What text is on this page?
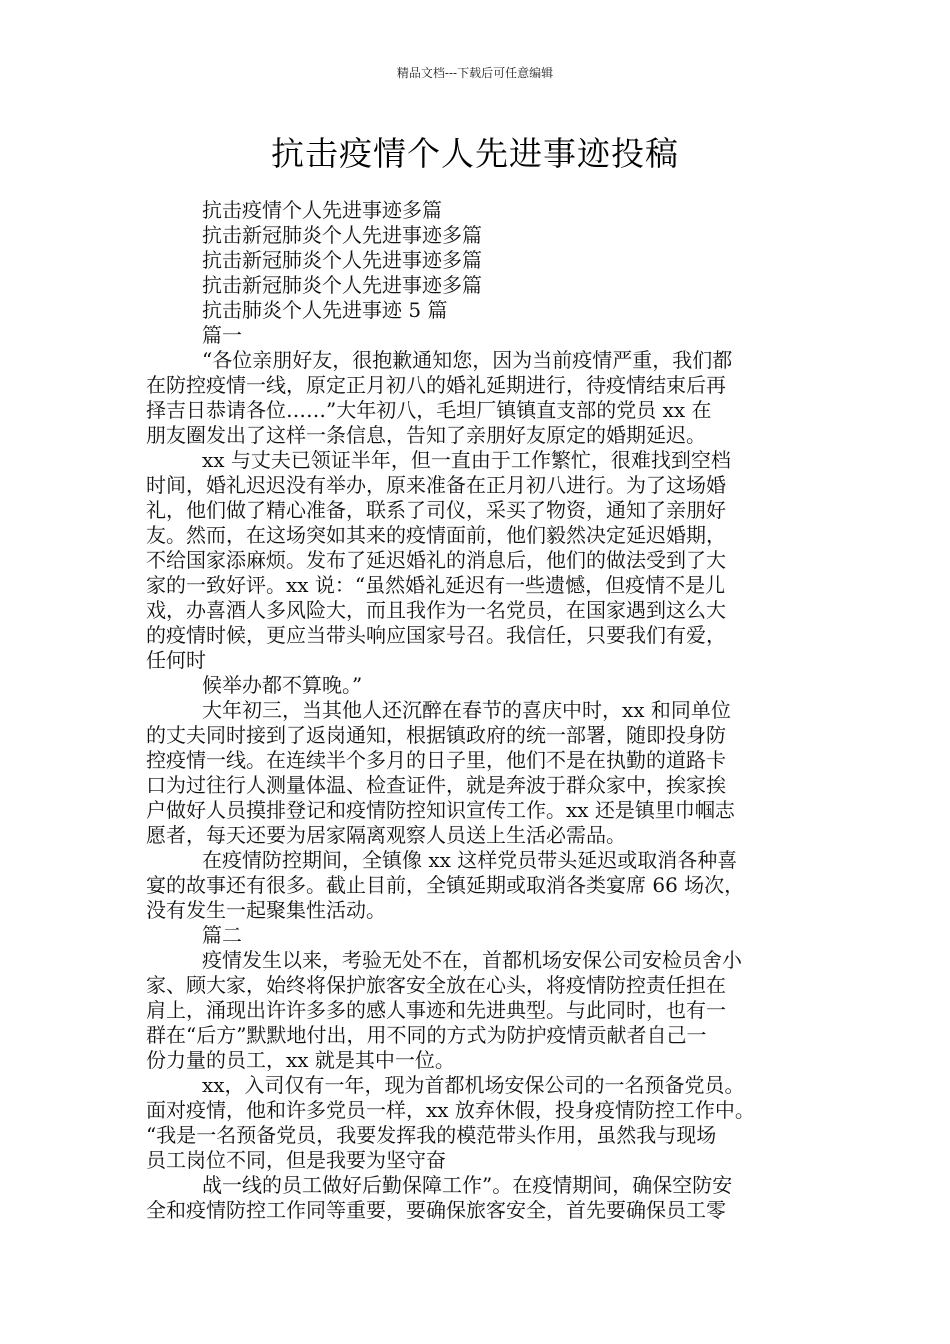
精品文档---下载后可任意编辑
抗击疫情个人先进事迹投稿
抗击疫情个人先进事迹多篇
抗击新冠肺炎个人先进事迹多篇
抗击新冠肺炎个人先进事迹多篇
抗击新冠肺炎个人先进事迹多篇
抗击肺炎个人先进事迹 5 篇
篇一
“各位亲朋好友，很抱歉通知您，因为当前疫情严重，我们都
在防控疫情一线，原定正月初八的婚礼延期进行，待疫情结束后再
择吉日恭请各位……”大年初八，毛坦厂镇镇直支部的党员 xx 在
朋友圈发出了这样一条信息，告知了亲朋好友原定的婚期延迟。
xx 与丈夫已领证半年，但一直由于工作繁忙，很难找到空档
时间，婚礼迟迟没有举办，原来准备在正月初八进行。为了这场婚
礼，他们做了精心准备，联系了司仪，采买了物资，通知了亲朋好
友。然而，在这场突如其来的疫情面前，他们毅然决定延迟婚期，
不给国家添麻烦。发布了延迟婚礼的消息后，他们的做法受到了大
家的一致好评。xx 说：“虽然婚礼延迟有一些遗憾，但疫情不是儿
戏，办喜酒人多风险大，而且我作为一名党员，在国家遇到这么大
的疫情时候，更应当带头响应国家号召。我信任，只要我们有爱，
任何时
候举办都不算晚。”
大年初三，当其他人还沉醉在春节的喜庆中时，xx 和同单位
的丈夫同时接到了返岗通知，根据镇政府的统一部署，随即投身防
控疫情一线。在连续半个多月的日子里，他们不是在执勤的道路卡
口为过往行人测量体温、检查证件，就是奔波于群众家中，挨家挨
户做好人员摸排登记和疫情防控知识宣传工作。xx 还是镇里巾帼志
愿者，每天还要为居家隔离观察人员送上生活必需品。
在疫情防控期间，全镇像 xx 这样党员带头延迟或取消各种喜
宴的故事还有很多。截止目前，全镇延期或取消各类宴席 66 场次，
没有发生一起聚集性活动。
篇二
疫情发生以来，考验无处不在，首都机场安保公司安检员舍小
家、顾大家，始终将保护旅客安全放在心头，将疫情防控责任担在
肩上，涌现出许许多多的感人事迹和先进典型。与此同时，也有一
群在“后方”默默地付出，用不同的方式为防护疫情贡献者自己一
份力量的员工，xx 就是其中一位。
xx，入司仅有一年，现为首都机场安保公司的一名预备党员。
面对疫情，他和许多党员一样，xx 放弃休假，投身疫情防控工作中。
“我是一名预备党员，我要发挥我的模范带头作用，虽然我与现场
员工岗位不同，但是我要为坚守奋
战一线的员工做好后勤保障工作”。在疫情期间，确保空防安
全和疫情防控工作同等重要，要确保旅客安全，首先要确保员工零
